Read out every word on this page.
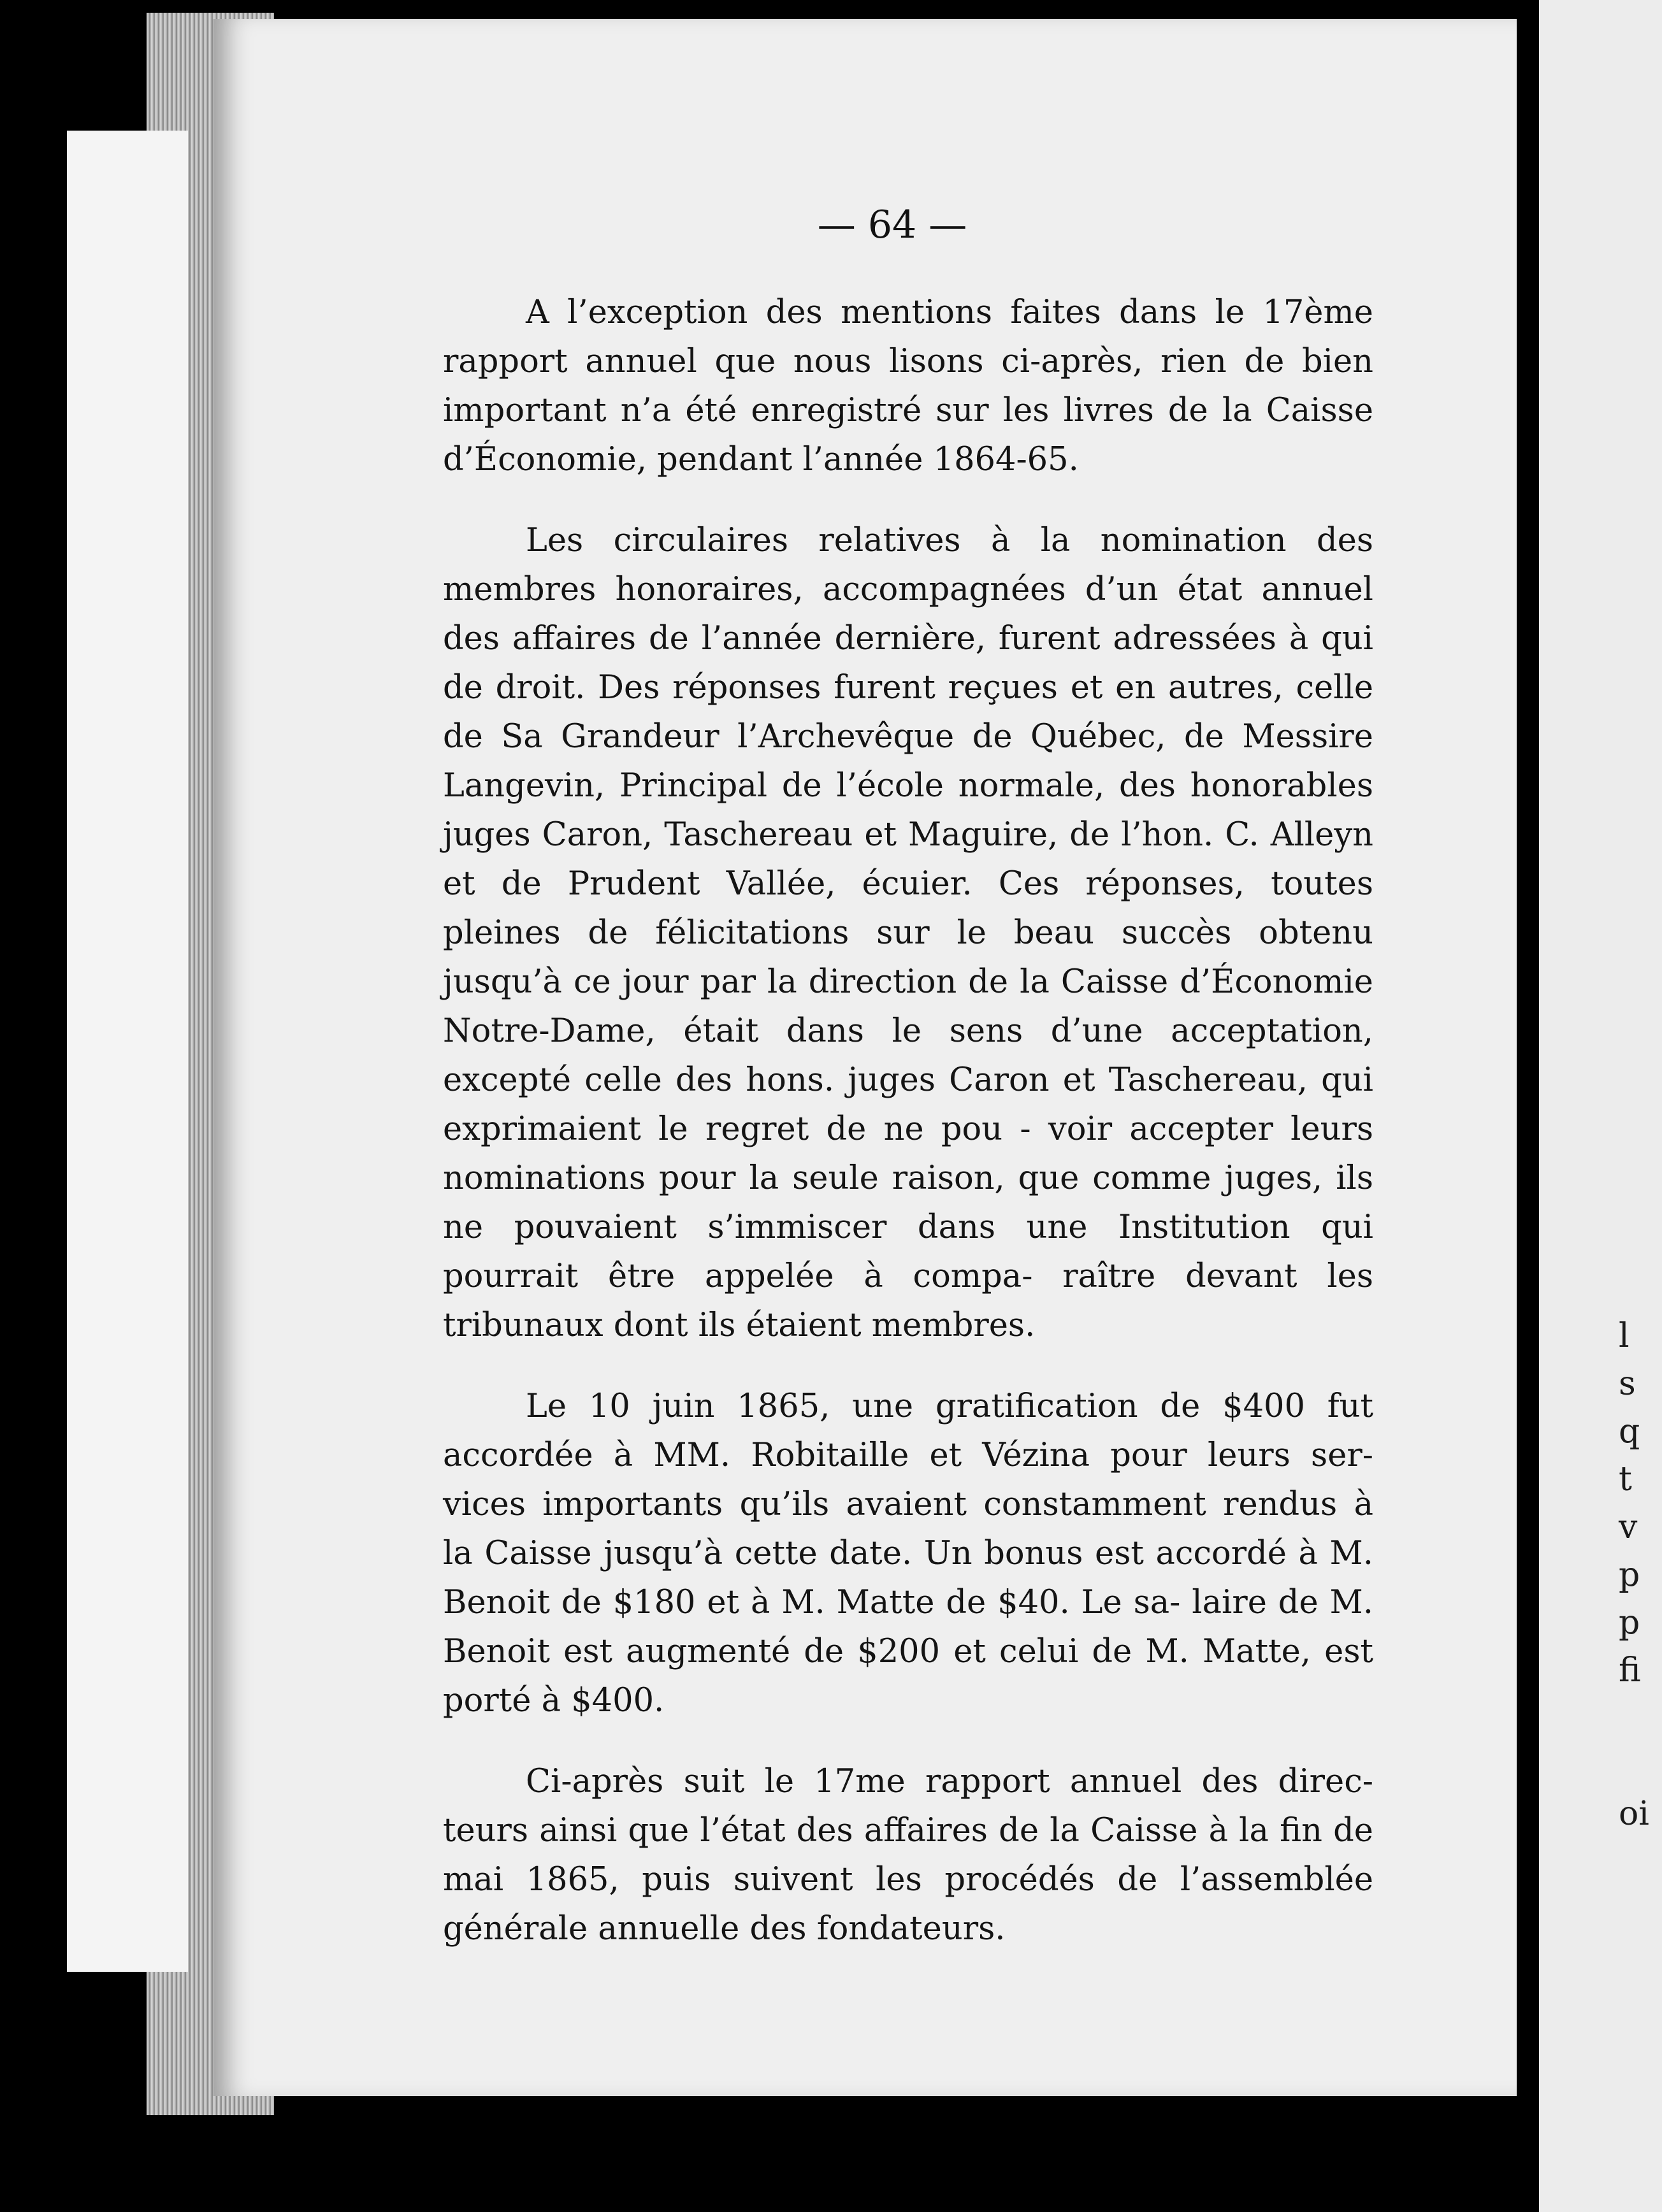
— 64 —

A l’exception des mentions faites dans le 17ème rapport annuel que nous lisons ci-après, rien de bien important n’a été enregistré sur les livres de la Caisse d’Économie, pendant l’année 1864-65.

Les circulaires relatives à la nomination des membres honoraires, accompagnées d’un état annuel des affaires de l’année dernière, furent adressées à qui de droit. Des réponses furent reçues et en autres, celle de Sa Grandeur l’Archevêque de Québec, de Messire Langevin, Principal de l’école normale, des honorables juges Caron, Taschereau et Maguire, de l’hon. C. Alleyn et de Prudent Vallée, écuier. Ces réponses, toutes pleines de félicitations sur le beau succès obtenu jusqu’à ce jour par la direction de la Caisse d’Économie Notre-Dame, était dans le sens d’une acceptation, excepté celle des hons. juges Caron et Taschereau, qui exprimaient le regret de ne pou - voir accepter leurs nominations pour la seule raison, que comme juges, ils ne pouvaient s’immiscer dans une Institution qui pourrait être appelée à compa- raître devant les tribunaux dont ils étaient membres.

Le 10 juin 1865, une gratification de $400 fut accordée à MM. Robitaille et Vézina pour leurs ser- vices importants qu’ils avaient constamment rendus à la Caisse jusqu’à cette date. Un bonus est accordé à M. Benoit de $180 et à M. Matte de $40. Le sa- laire de M. Benoit est augmenté de $200 et celui de M. Matte, est porté à $400.

Ci-après suit le 17me rapport annuel des direc- teurs ainsi que l’état des affaires de la Caisse à la fin de mai 1865, puis suivent les procédés de l’assemblée générale annuelle des fondateurs.

l
s
q
t
v
p
p
fi
oi
